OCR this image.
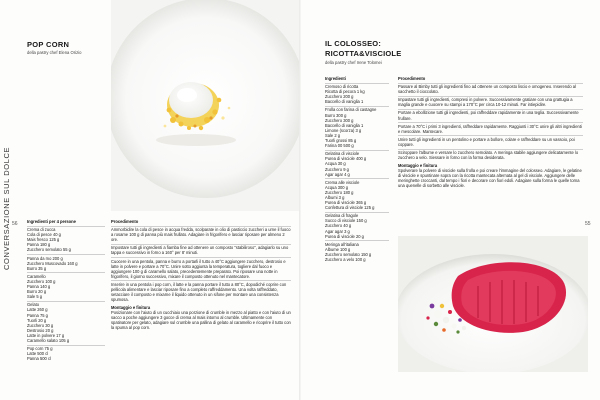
CONVERSAZIONE SUL DOLCE 56	55
POP CORN
della pastry chef Elena Orizio
Ingredienti per 4 persone
Crema di zucca
Cola di pesce 40 g
Mais fresco 125 g
Panna 180 g
Zucchero semolato 55 g
Panna da mo 200 g
Zucchero Muscovado 160 g
Burro 35 g
Caramello
Zucchero 100 g
Panna 140 g
Burro 20 g
Sale 5 g
Gelato
Latte 260 g
Panna 75 g
Tuorli 20 g
Zucchero 30 g
Destrosio 20 g
Latte in polvere 17 g
Caramello salato 105 g
Pop corn 75 g
Latte 500 cl
Panna 500 cl
Procedimento
Ammorbidire la cola di pesce in acqua fredda, scolparate in olio di pasticcio zuccheri a urne il fuoco a rosame 100 g di panna più mais frullato. Adagiare in frigorifero e lasciar riposare per almeno 2 ore.
Impostare tutti gli ingredienti a fiamba fine ad ottenere un composto "stabiliroso", adagiarlo su uno tappa e successivo in forno a 160° per 8' minuti.
Cuocere in una pentola, panna e burro a portarli il tutto a 40°C aggiungere zucchero, destrosio e latte in polvere e portare a 70°C. Unire sotto aggiunta la temperatura, togliere dal fuoco e aggiungere 100 g di caramello salato, precedentemente preparato. Poi riposare una notte in frigorifero, il giorno successivo, mixare il composto ottenuto nel mantecatore.
Inserire in una pentola i pop corn, il latte e la panna portare il tutto a 80°C, dopodiché coprire con pellicola alimentare e lasciar riposare fino a completo raffreddamento. Una volta raffreddato, setacciare il composto e mixarne il liquido ottenuto in un sifone per montare una consistenza spumosa.
Montaggio e finitura
Posizionare con l'aiuto di un cucchiaio una porzione di crumble in mezzo al piatto e con l'aiuto di un sacco a poche aggiungere 3 gocce di crema al mais intorno al crumble. Ultimamente con spatinatore per gelato, adagiare sul crumble una pallina di gelato al caramello e ricoprire il tutto con la spuma al pop corn.
IL COLOSSEO:
RICOTTA&VISCIOLE
della pastry chef Irene Tolomei
Ingredienti
Cremoso di ricotta
Ricotta di pecora 1 kg
Zucchero 200 g
Baccello di vaniglia 1
Frolla con farina di castagne
Burro 300 g
Zucchero 300 g
Baccello di vaniglia 1
Limone (scorza) 3 g
Sale 2 g
Tuorli grossi 85 g
Farina 00 500 g
Gelatina di visciole
Purea di visciole 400 g
Acqua 30 g
Zucchero 9 g
Agar agar 4 g
Crema alle visciole
Acqua 300 g
Zucchero 180 g
Albumi 3 g
Purea di visciole 365 g
Confettura di visciole 125 g
Gelatina di fragole
Succo di visciole 150 g
Zucchero 40 g
Agar agar 3 g
Purea di visciole 20 g
Meringa all'italiana
Albume 100 g
Zucchero semolato 150 g
Zucchero a velo 100 g
Procedimento
Passare al Bimby tutti gli ingredienti fino ad ottenere un composto liscio e omogeneo. Inserendo al sacchetto il cioccolato.
Impastare tutti gli ingredienti, compresi in polvere. Successivamente gratiare con una grattugia a maglia grande e cuocere su stampi a 170°C per circa 10-12 minuti. Far intiepidire.
Portare a ebollizione tutti gli ingredienti, poi raffreddare rapidamente in una teglia. Successivamente frullare.
Portare a 70°C i primi 3 ingredienti, raffreddare rapidamente. Raggiunti i 30°C unire gli altri ingredienti e mescolare. Mantecare.
Unire tutti gli ingredienti in un pentolino e portare a bollore, colare e raffreddare su un vassoio, poi coppare.
Sciroppare l'albume e versare lo zucchero semolato. A meringa stabile aggiungere delicatamente lo zucchero a velo. Siessare in forno con la forma desiderata.
Montaggio e finitura
Spolverare la polvere di visciole sulla frolla e poi creare l'immagine del colosseo. Adagiare, le gelatine di visciole e spuntinare sopra con la ricotta mantecata alternata al gel di visciole. Aggiungere delle meringhette croccanti, dal tempo i fiori e decorare con fiori edoli. Adagiare sulla forma le quelle torna una quenelle di sorbetto alle visciole.
